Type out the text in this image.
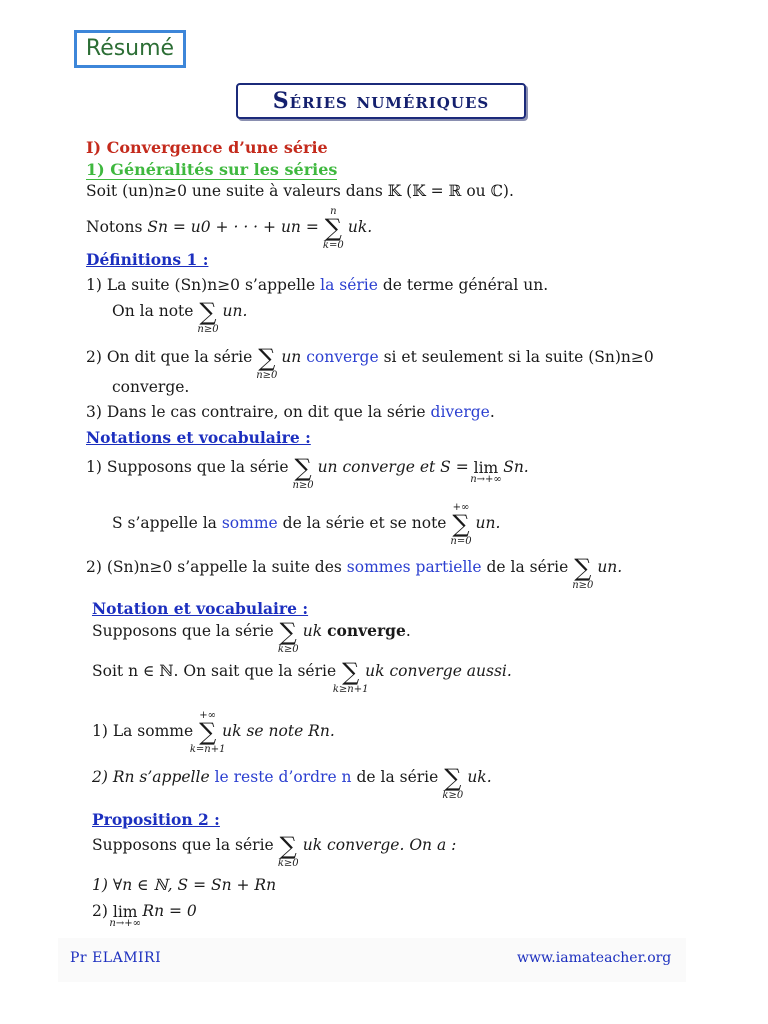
Résumé
Séries numériques
I) Convergence d’une série
1) Généralités sur les séries
Soit (un)n≥0 une suite à valeurs dans 𝕂 (𝕂 = ℝ ou ℂ).
Notons Sn = u0 + · · · + un =
n
∑
k=0
uk.
Définitions 1 :
1) La suite (Sn)n≥0 s’appelle la série de terme général un.
On la note ∑
n≥0
un.
2) On dit que la série ∑
n≥0
un converge si et seulement si la suite (Sn)n≥0
converge.
3) Dans le cas contraire, on dit que la série diverge.
Notations et vocabulaire :
1) Supposons que la série ∑
n≥0
un converge et S = lim
n→+∞
Sn.
S s’appelle la somme de la série et se note
+∞
∑
n=0
un.
2) (Sn)n≥0 s’appelle la suite des sommes partielle de la série ∑
n≥0
un.
Notation et vocabulaire :
Supposons que la série ∑
k≥0
uk converge.
Soit n ∈ ℕ. On sait que la série ∑
k≥n+1
uk converge aussi.
1) La somme
+∞
∑
k=n+1
uk se note Rn.
2) Rn s’appelle le reste d’ordre n de la série ∑
k≥0
uk.
Proposition 2 :
Supposons que la série ∑
k≥0
uk converge. On a :
1) ∀n ∈ ℕ, S = Sn + Rn
2) lim
n→+∞
Rn = 0
Pr ELAMIRI	www.iamateacher.org
